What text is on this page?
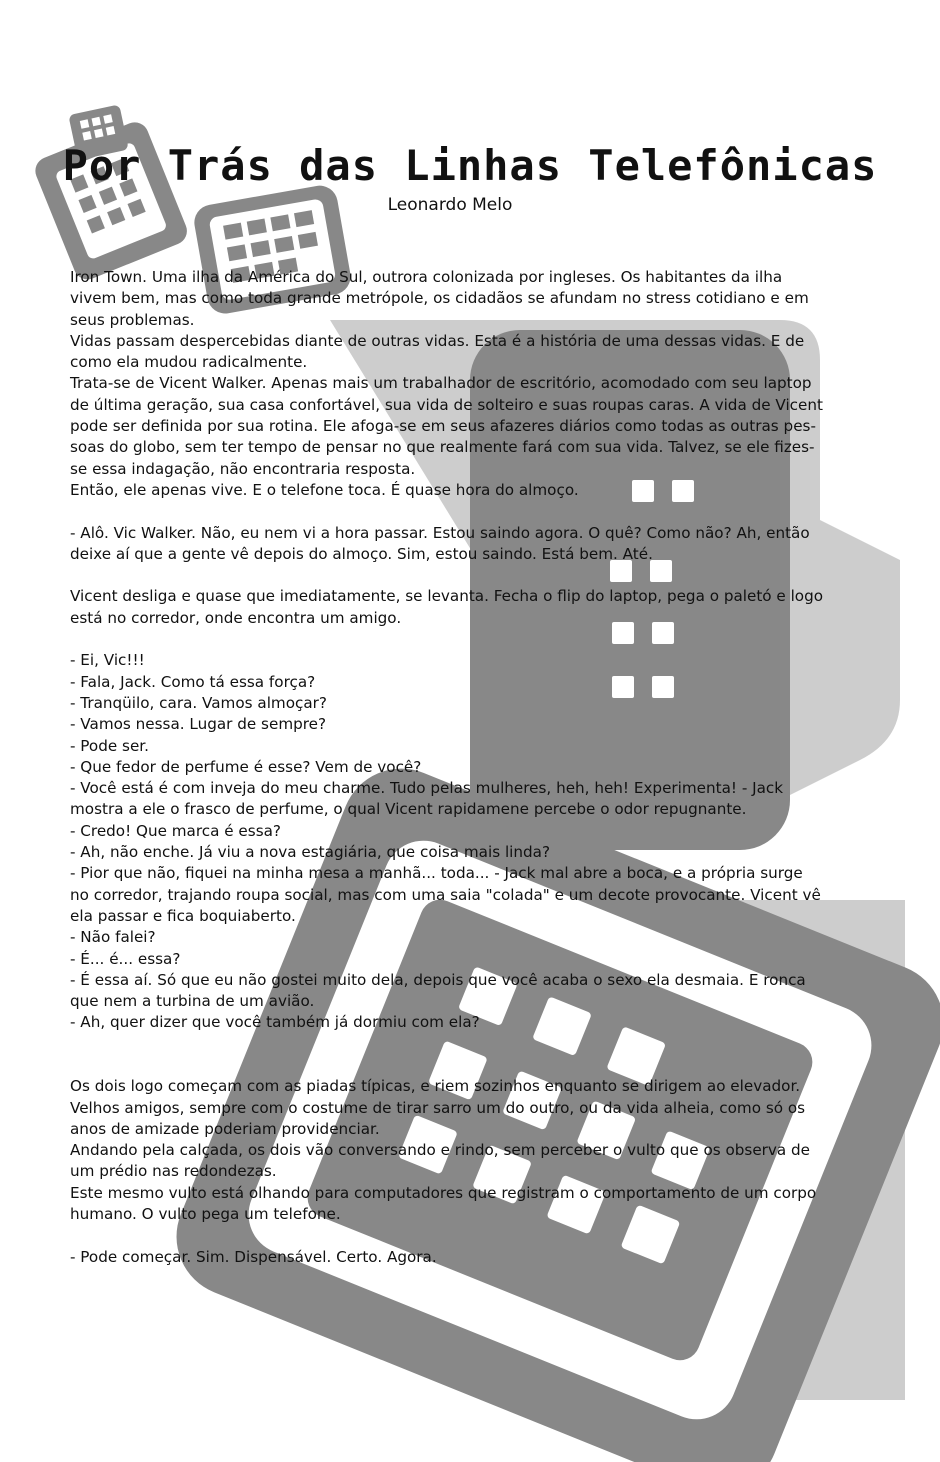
Por Trás das Linhas Telefônicas
Leonardo Melo

Iron Town. Uma ilha da América do Sul, outrora colonizada por ingleses. Os habitantes da ilha

vivem bem, mas como toda grande metrópole, os cidadãos se afundam no stress cotidiano e em

seus problemas.

Vidas passam despercebidas diante de outras vidas. Esta é a história de uma dessas vidas. E de

como ela mudou radicalmente.

Trata-se de Vicent Walker. Apenas mais um trabalhador de escritório, acomodado com seu laptop

de última geração, sua casa confortável, sua vida de solteiro e suas roupas caras. A vida de Vicent

pode ser definida por sua rotina. Ele afoga-se em seus afazeres diários como todas as outras pes-

soas do globo, sem ter tempo de pensar no que realmente fará com sua vida. Talvez, se ele fizes-

se essa indagação, não encontraria resposta.

Então, ele apenas vive. E o telefone toca. É quase hora do almoço.

- Alô. Vic Walker. Não, eu nem vi a hora passar. Estou saindo agora. O quê? Como não? Ah, então

deixe aí que a gente vê depois do almoço. Sim, estou saindo. Está bem. Até.

Vicent desliga e quase que imediatamente, se levanta. Fecha o flip do laptop, pega o paletó e logo

está no corredor, onde encontra um amigo.

- Ei, Vic!!!

- Fala, Jack. Como tá essa força?

- Tranqüilo, cara. Vamos almoçar?

- Vamos nessa. Lugar de sempre?

- Pode ser.

- Que fedor de perfume é esse? Vem de você?

- Você está é com inveja do meu charme. Tudo pelas mulheres, heh, heh! Experimenta! - Jack

mostra a ele o frasco de perfume, o qual Vicent rapidamene percebe o odor repugnante.

- Credo! Que marca é essa?

- Ah, não enche. Já viu a nova estagiária, que coisa mais linda?

- Pior que não, fiquei na minha mesa a manhã... toda... - Jack mal abre a boca, e a própria surge

no corredor, trajando roupa social, mas com uma saia "colada" e um decote provocante. Vicent vê

ela passar e fica boquiaberto.

- Não falei?

- É... é... essa?

- É essa aí. Só que eu não gostei muito dela, depois que você acaba o sexo ela desmaia. E ronca

que nem a turbina de um avião.

- Ah, quer dizer que você também já dormiu com ela?

Os dois logo começam com as piadas típicas, e riem sozinhos enquanto se dirigem ao elevador.

Velhos amigos, sempre com o costume de tirar sarro um do outro, ou da vida alheia, como só os

anos de amizade poderiam providenciar.

Andando pela calçada, os dois vão conversando e rindo, sem perceber o vulto que os observa de

um prédio nas redondezas.

Este mesmo vulto está olhando para computadores que registram o comportamento de um corpo

humano. O vulto pega um telefone.

- Pode começar. Sim. Dispensável. Certo. Agora.
